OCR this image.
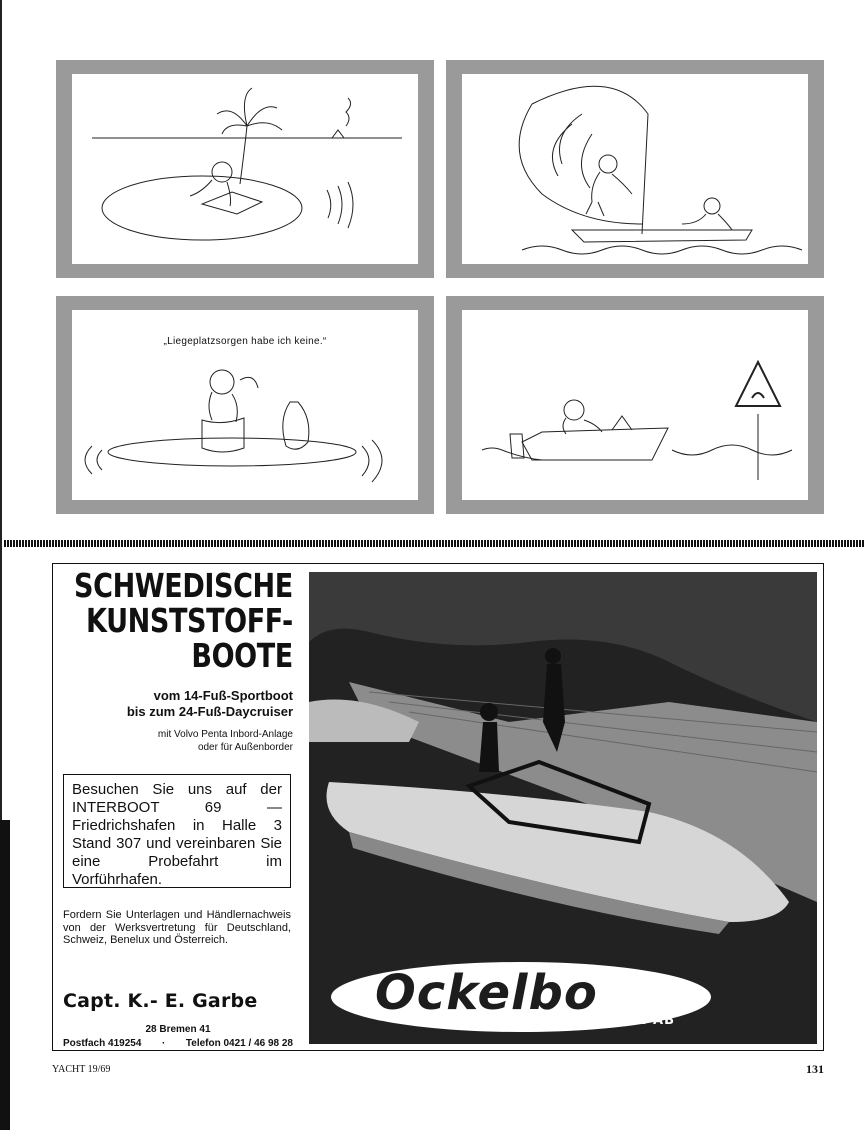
„Liegeplatzsorgen habe ich keine.“
SCHWEDISCHE
KUNSTSTOFF-
BOOTE
vom 14-Fuß-Sportboot
bis zum 24-Fuß-Daycruiser
mit Volvo Penta Inbord-Anlage
oder für Außenborder
Besuchen Sie uns auf der INTERBOOT 69 — Friedrichshafen in Halle 3 Stand 307 und vereinbaren Sie eine Probefahrt im Vorführhafen.
Fordern Sie Unterlagen und Händlernachweis von der Werksvertretung für Deutschland, Schweiz, Benelux und Österreich.
Capt. K.- E. Garbe
28 Bremen 41
Postfach 419254 · Telefon 0421 / 46 98 28
Ockelbo
LUNDGREN AB
YACHT 19/69	131
